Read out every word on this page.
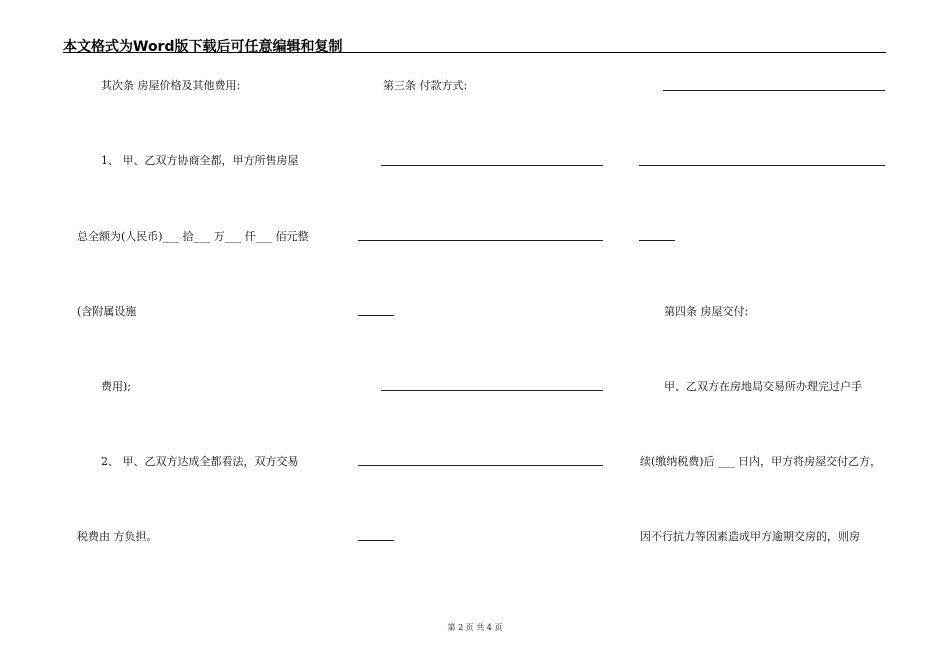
本文格式为Word版下载后可任意编辑和复制
其次条 房屋价格及其他费用:
1、 甲、乙双方协商全都，甲方所售房屋
总全额为(人民币)___ 拾___ 万___ 仟___ 佰元整
(含附属设施
费用);
2、 甲、乙双方达成全都看法，双方交易
税费由 方负担。
第三条 付款方式:
第四条 房屋交付:
甲、乙双方在房地局交易所办理完过户手
续(缴纳税费)后 ___ 日内，甲方将房屋交付乙方，
因不行抗力等因素造成甲方逾期交房的，则房
第 2 页 共 4 页
